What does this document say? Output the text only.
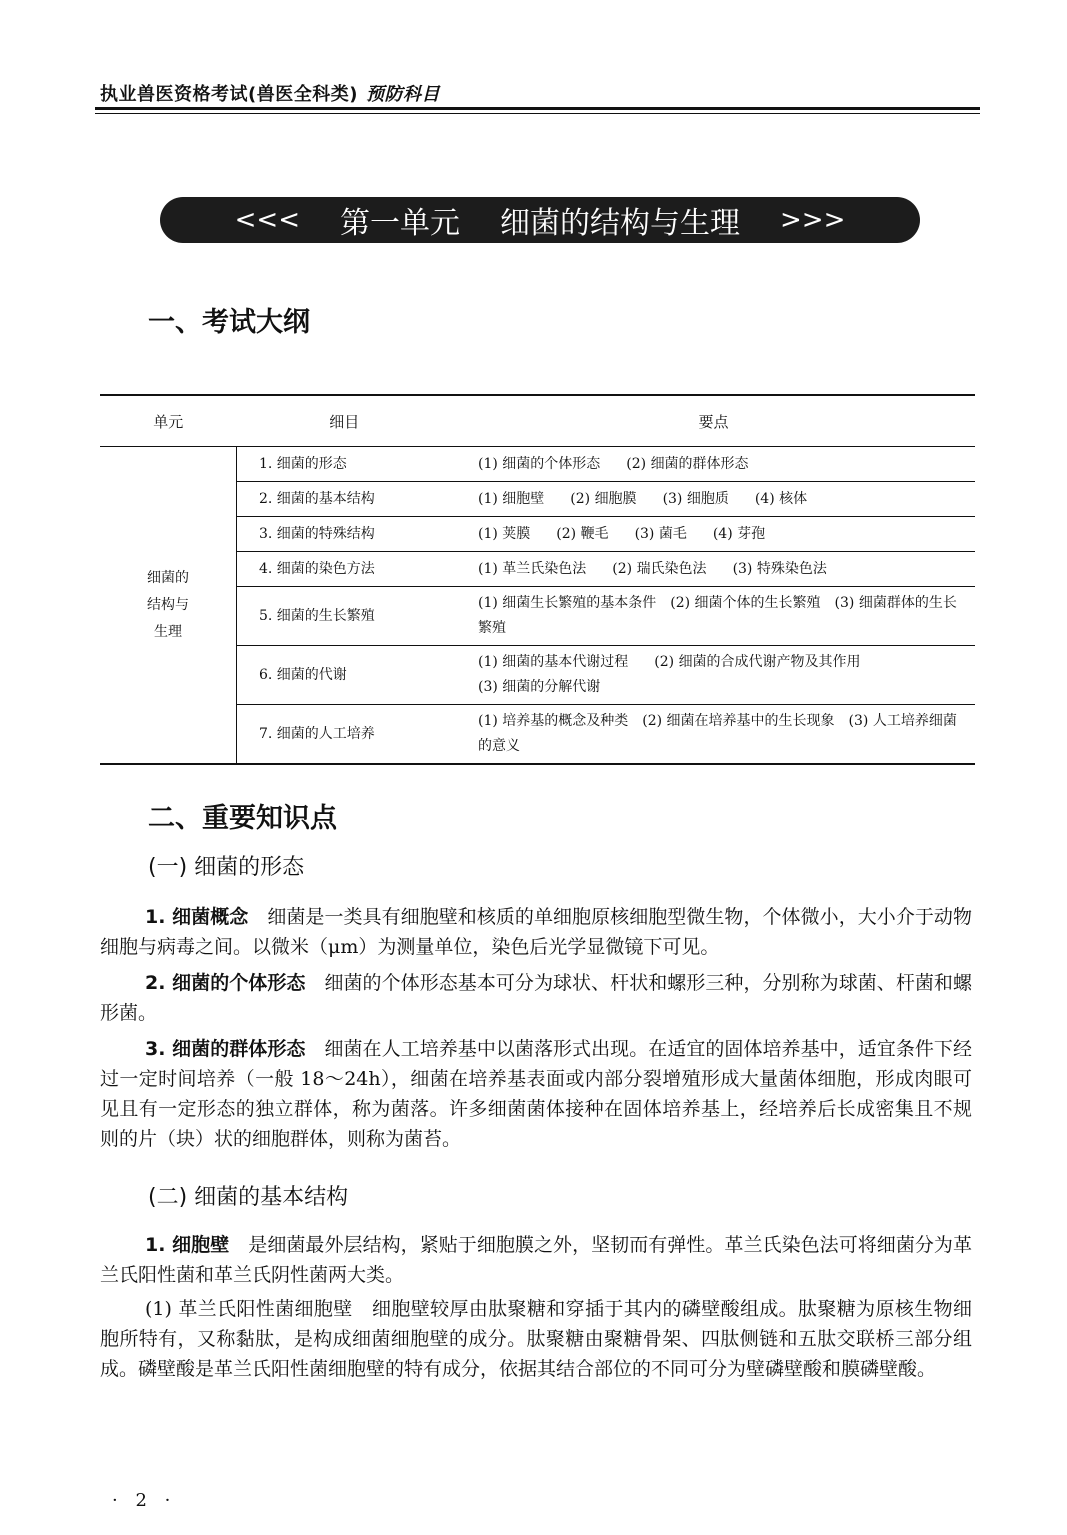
执业兽医资格考试(兽医全科类) 预防科目
<<< 第一单元 细菌的结构与生理 >>>
一、考试大纲
单元	细目	要点

细菌的
结构与
生理	1. 细菌的形态	(1) 细菌的个体形态 (2) 细菌的群体形态
	2. 细菌的基本结构	(1) 细胞壁 (2) 细胞膜 (3) 细胞质 (4) 核体
	3. 细菌的特殊结构	(1) 荚膜 (2) 鞭毛 (3) 菌毛 (4) 芽孢
	4. 细菌的染色方法	(1) 革兰氏染色法 (2) 瑞氏染色法 (3) 特殊染色法
	5. 细菌的生长繁殖	(1) 细菌生长繁殖的基本条件　(2) 细菌个体的生长繁殖　(3) 细菌群体的生长繁殖
	6. 细菌的代谢	(1) 细菌的基本代谢过程 (2) 细菌的合成代谢产物及其作用
(3) 细菌的分解代谢

	7. 细菌的人工培养	(1) 培养基的概念及种类　(2) 细菌在培养基中的生长现象　(3) 人工培养细菌的意义
二、重要知识点
(一) 细菌的形态

1. 细菌概念　 细菌是一类具有细胞壁和核质的单细胞原核细胞型微生物，个体微小，大小介于动物细胞与病毒之间。以微米（μm）为测量单位，染色后光学显微镜下可见。

2. 细菌的个体形态　 细菌的个体形态基本可分为球状、杆状和螺形三种，分别称为球菌、杆菌和螺形菌。

3. 细菌的群体形态　 细菌在人工培养基中以菌落形式出现。在适宜的固体培养基中，适宜条件下经过一定时间培养（一般 18～24h），细菌在培养基表面或内部分裂增殖形成大量菌体细胞，形成肉眼可见且有一定形态的独立群体，称为菌落。许多细菌菌体接种在固体培养基上，经培养后长成密集且不规则的片（块）状的细胞群体，则称为菌苔。

(二) 细菌的基本结构

1. 细胞壁　 是细菌最外层结构，紧贴于细胞膜之外，坚韧而有弹性。革兰氏染色法可将细菌分为革兰氏阳性菌和革兰氏阴性菌两大类。

(1) 革兰氏阳性菌细胞壁　 细胞壁较厚由肽聚糖和穿插于其内的磷壁酸组成。肽聚糖为原核生物细胞所特有，又称黏肽，是构成细菌细胞壁的成分。肽聚糖由聚糖骨架、四肽侧链和五肽交联桥三部分组成。磷壁酸是革兰氏阳性菌细胞壁的特有成分，依据其结合部位的不同可分为壁磷壁酸和膜磷壁酸。

· 2 ·
